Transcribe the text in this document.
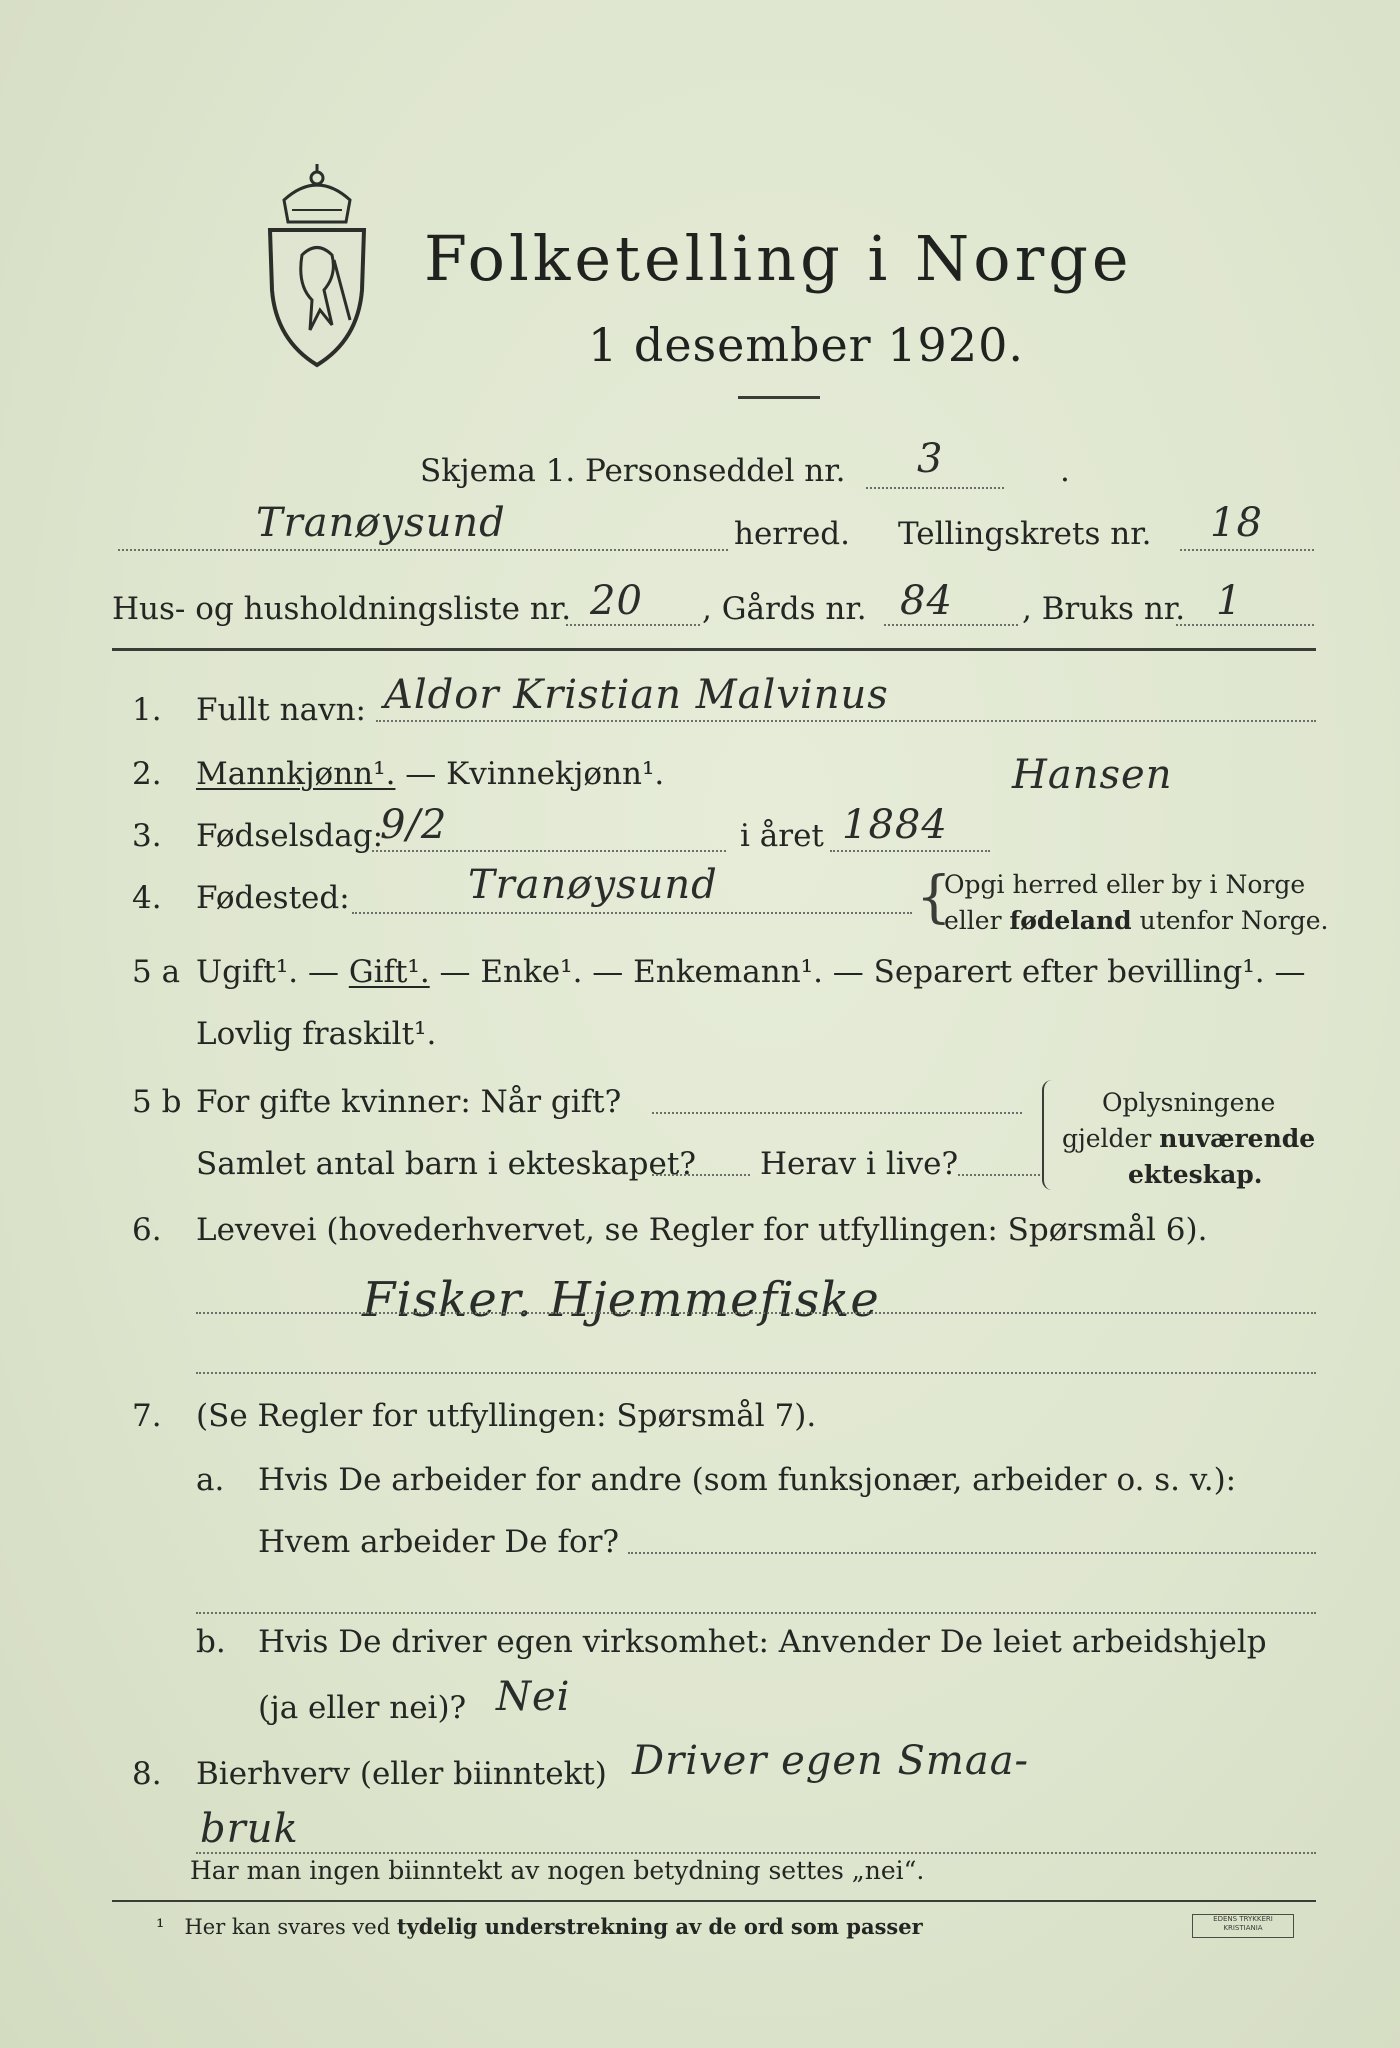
Folketelling i Norge
1 desember 1920.
Skjema 1. Personseddel nr. 3	.
Tranøysund	herred. Tellingskrets nr. 18
Hus- og husholdningsliste nr. 20 , Gårds nr. 84 , Bruks nr. 1
1. Fullt navn: Aldor Kristian Malvinus
2. Mannkjønn¹. — Kvinnekjønn¹.	Hansen
3. Fødselsdag:
9/2	i året 1884
4. Fødested:	Tranøysund	{
Opgi herred eller by i Norge
eller fødeland utenfor Norge.
5 a Ugift¹. — Gift¹. — Enke¹. — Enkemann¹. — Separert efter bevilling¹. —
Lovlig fraskilt¹.
5 b For gifte kvinner: Når gift?
Samlet antal barn i ekteskapet? Herav i live?
Oplysningene
gjelder nuværende
ekteskap.
6. Levevei (hovederhvervet, se Regler for utfyllingen: Spørsmål 6).
Fisker. Hjemmefiske
7. (Se Regler for utfyllingen: Spørsmål 7).
a. Hvis De arbeider for andre (som funksjonær, arbeider o. s. v.):
Hvem arbeider De for?
b. Hvis De driver egen virksomhet: Anvender De leiet arbeidshjelp
(ja eller nei)? Nei
8. Bierhverv (eller biinntekt) Driver egen Smaa-
bruk
Har man ingen biinntekt av nogen betydning settes „nei“.
¹ Her kan svares ved tydelig understrekning av de ord som passer	EDENS TRYKKERI KRISTIANIA
